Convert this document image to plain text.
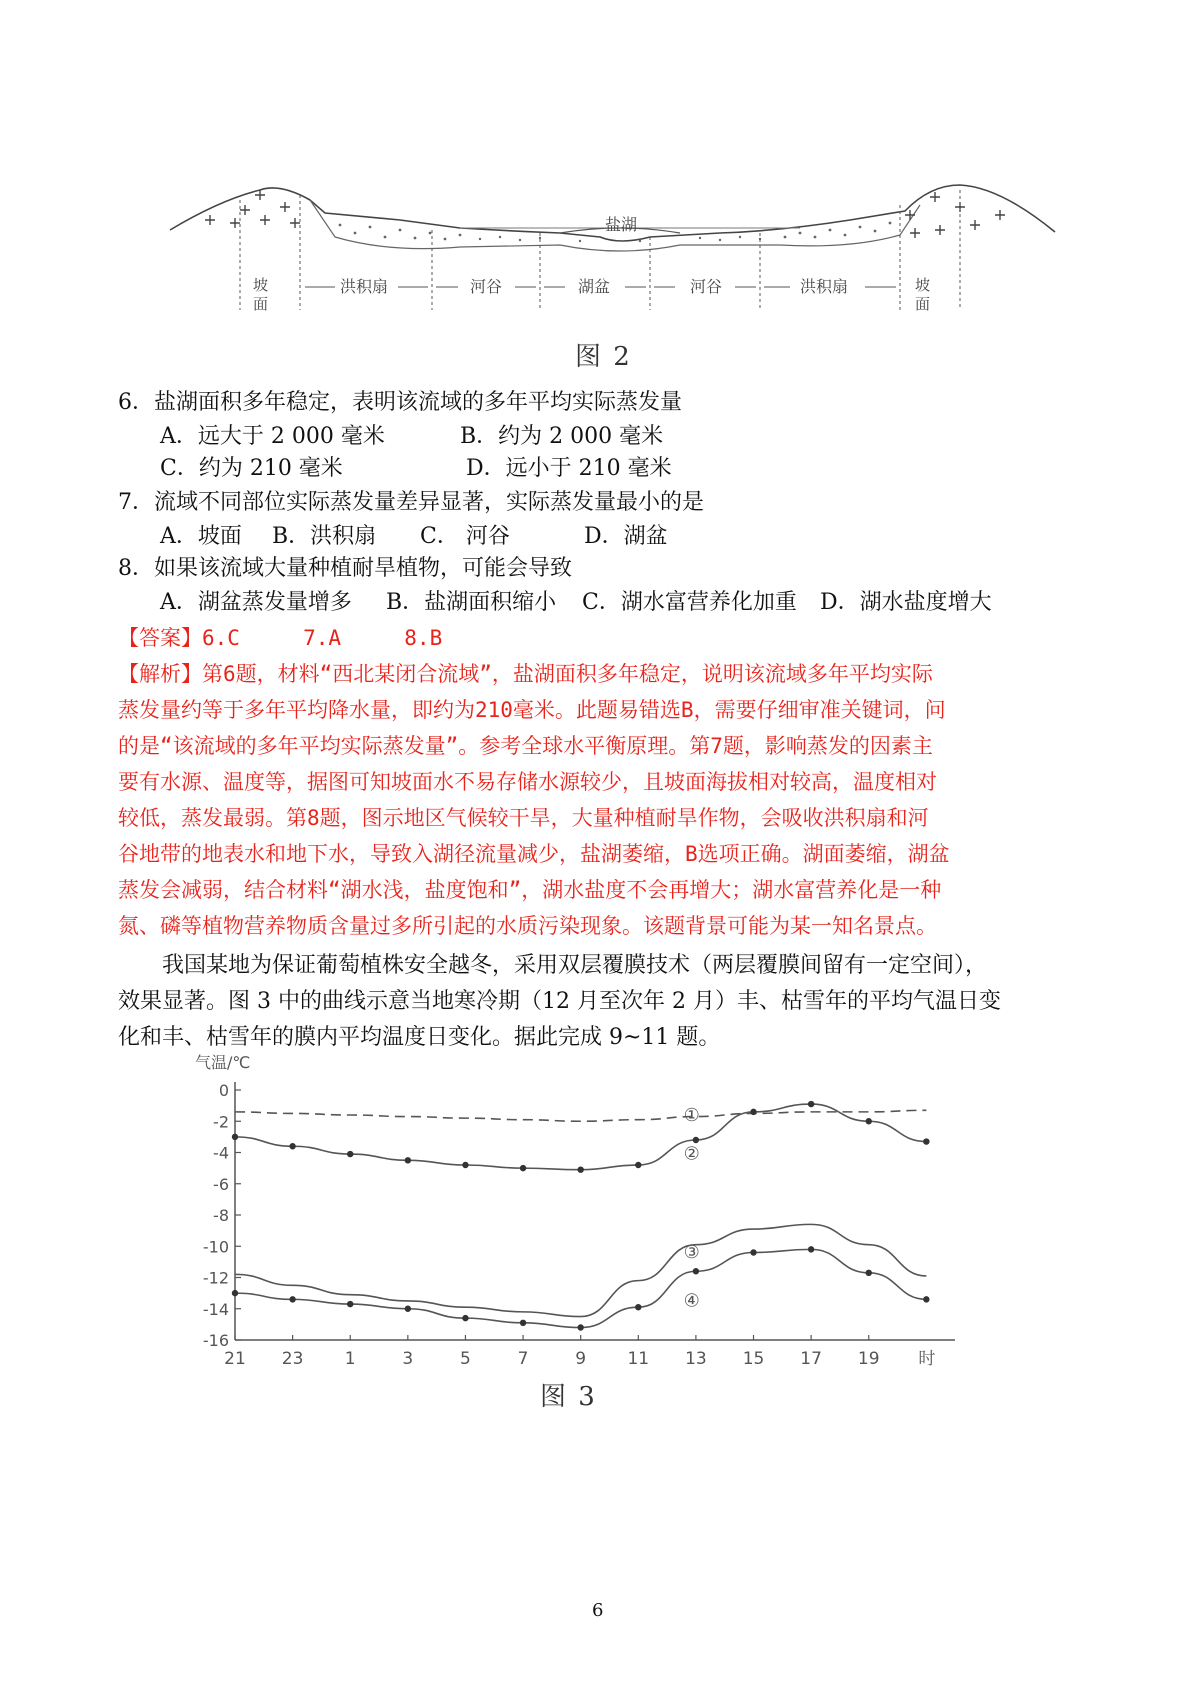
盐湖
坡面	洪积扇	河谷	湖盆	河谷	洪积扇	坡面
图 2
6．盐湖面积多年稳定，表明该流域的多年平均实际蒸发量
A．远大于 2 000 毫米	B．约为 2 000 毫米
C．约为 210 毫米	D．远小于 210 毫米
7．流域不同部位实际蒸发量差异显著，实际蒸发量最小的是
A．坡面 B．洪积扇 C． 河谷	D．湖盆
8．如果该流域大量种植耐旱植物，可能会导致
A．湖盆蒸发量增多 B．盐湖面积缩小 C．湖水富营养化加重 D．湖水盐度增大
【答案】6.C     7.A     8.B
【解析】第6题，材料“西北某闭合流域”，盐湖面积多年稳定，说明该流域多年平均实际
蒸发量约等于多年平均降水量，即约为210毫米。此题易错选B，需要仔细审准关键词，问
的是“该流域的多年平均实际蒸发量”。参考全球水平衡原理。第7题，影响蒸发的因素主
要有水源、温度等，据图可知坡面水不易存储水源较少，且坡面海拔相对较高，温度相对
较低，蒸发最弱。第8题，图示地区气候较干旱，大量种植耐旱作物，会吸收洪积扇和河
谷地带的地表水和地下水，导致入湖径流量减少，盐湖萎缩，B选项正确。湖面萎缩，湖盆
蒸发会减弱，结合材料“湖水浅，盐度饱和”，湖水盐度不会再增大；湖水富营养化是一种
氮、磷等植物营养物质含量过多所引起的水质污染现象。该题背景可能为某一知名景点。
我国某地为保证葡萄植株安全越冬，采用双层覆膜技术（两层覆膜间留有一定空间），
效果显著。图 3 中的曲线示意当地寒冷期（12 月至次年 2 月）丰、枯雪年的平均气温日变
化和丰、枯雪年的膜内平均温度日变化。据此完成 9~11 题。
气温/℃
0
-2
-4
-6
-8
-10
-12
-14
-16
21 23 1	3	5	7	9 11 13 15 17 19 时
①
②
③
④
图 3
6
